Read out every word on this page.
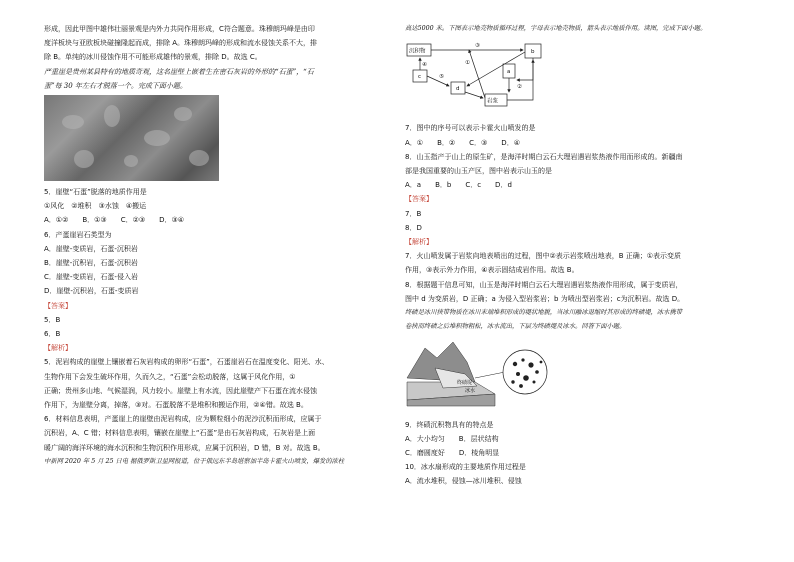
形成，因此甲图中雄伟壮丽景观是内外力共同作用形成，C符合题意。珠穆朗玛峰是由印
度洋板块与亚欧板块碰撞隆起而成，排除 A。珠穆朗玛峰的形成和流水侵蚀关系不大，排
除 B。单纯的冰川侵蚀作用不可能形成雄伟的景观，排除 D。故选 C。
严重崖是贵州某县特有的地质奇观，这名崖壁上嵌着生在密石灰岩的外形的“石蛋”，“石
蛋”每 30 年左右才脱落一个。完成下面小题。
5．崖壁“石蛋”脱落的地质作用是
①风化　②堆积　③水蚀　④搬运
A．①②　　B．①③　　C．②③　　D．③④
6．产蛋崖岩石类型为
A．崖壁-变质岩，石蛋-沉积岩
B．崖壁-沉积岩，石蛋-沉积岩
C．崖壁-变质岩，石蛋-侵入岩
D．崖壁-沉积岩，石蛋-变质岩
【答案】
5．B
6．B
【解析】
5．泥岩构成的崖壁上镶嵌着石灰岩构成的卵形“石蛋”，石蛋崖岩石在温度变化、阳光、水、
生物作用下会发生破坏作用，久而久之，“石蛋”会松动脱落，这属于风化作用，①
正确；贵州多山地、气候湿润，风力较小。崖壁上有水流，因此崖壁产下石蛋在流水侵蚀
作用下，为崖壁分离，掉落，③对。石蛋脱落不是堆积和搬运作用，②④错。故选 B。
6．材料信息表明，产蛋崖上的崖壁由泥岩构成，应为颗粒细小的泥沙沉积而形成，应属于
沉积岩，A、C 错；材料信息表明，镶嵌在崖壁上“石蛋”是由石灰岩构成，石灰岩是上面
暖广阔的海洋环境的海水沉积和生物沉积作用形成，应属于沉积岩，D 错，B 对。故选 B。
中新网 2020 年 5 月 25 日电 据俄罗斯卫星网报道，位于俄远东半岛堪察加半岛卡霍火山喷发，爆发的浓柱
高达5000 米。下图表示地壳物质循环过程，字母表示地壳物质，箭头表示地质作用。读图，完成下面小题。
沉积物
岩浆
a
b
c
d
①
②
③
④
⑤
7．图中的序号可以表示卡霍火山喷发的是
A．①　　B．②　　C．③　　D．④
8．山玉指产于山上的原生矿，是海洋时期白云石大理岩遇岩浆热液作用而形成的。新疆南
部是我国重要的山玉产区，图中岩表示山玉的是
A．a　　B．b　　C．c　　D．d
【答案】
7．B
8．D
【解析】
7．火山喷发属于岩浆向地表喷出的过程，图中②表示岩浆喷出地表，B 正确；①表示变质
作用，③表示外力作用，④表示固结成岩作用。故选 B。
8．根据题干信息可知，山玉是海洋时期白云石大理岩遇岩浆热液作用形成，属于变质岩，
图中 d 为变质岩，D 正确；a 为侵入型岩浆岩；b 为喷出型岩浆岩；c为沉积岩。故选 D。
终碛是冰川挟带物质在冰川末端堆积形成的堤状地貌，当冰川融冰退缩时其形成的终碛堤，冰水携带
卷挟而终碛之后堆积物粗松，冰水流出，下层为终碛堤及冰水。回答下面小题。
终碛堤
冰水
9．终碛沉积物具有的特点是
A．大小均匀　　B．层状结构
C．磨圆度好　　D．棱角明显
10．冰水扇形成的主要地质作用过程是
A．流水堆积，侵蚀—冰川堆积、侵蚀
